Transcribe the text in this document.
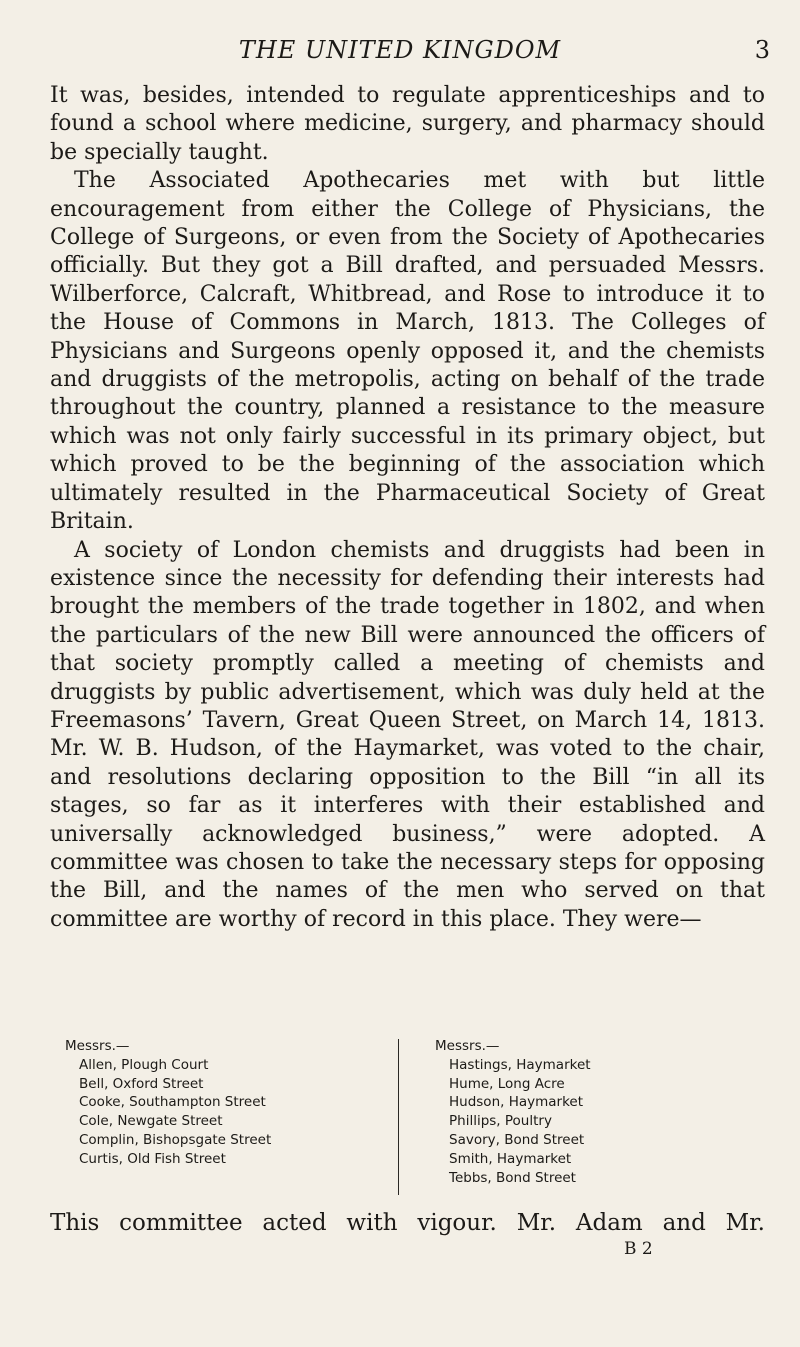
THE UNITED KINGDOM	3

It was, besides, intended to regulate apprenticeships and to found a school where medicine, surgery, and pharmacy should be specially taught.

The Associated Apothecaries met with but little encouragement from either the College of Physicians, the College of Surgeons, or even from the Society of Apothecaries officially. But they got a Bill drafted, and persuaded Messrs. Wilberforce, Calcraft, Whitbread, and Rose to introduce it to the House of Commons in March, 1813. The Colleges of Physicians and Surgeons openly opposed it, and the chemists and druggists of the metropolis, acting on behalf of the trade throughout the country, planned a resistance to the measure which was not only fairly successful in its primary object, but which proved to be the beginning of the association which ultimately resulted in the Pharmaceutical Society of Great Britain.

A society of London chemists and druggists had been in existence since the necessity for defending their interests had brought the members of the trade together in 1802, and when the particulars of the new Bill were announced the officers of that society promptly called a meeting of chemists and druggists by public advertisement, which was duly held at the Freemasons’ Tavern, Great Queen Street, on March 14, 1813. Mr. W. B. Hudson, of the Haymarket, was voted to the chair, and resolutions declaring opposition to the Bill “in all its stages, so far as it interferes with their established and universally acknowledged business,” were adopted. A committee was chosen to take the necessary steps for opposing the Bill, and the names of the men who served on that committee are worthy of record in this place. They were—

Messrs.—

Allen, Plough Court

Bell, Oxford Street

Cooke, Southampton Street

Cole, Newgate Street

Complin, Bishopsgate Street

Curtis, Old Fish Street

Messrs.—

Hastings, Haymarket

Hume, Long Acre

Hudson, Haymarket

Phillips, Poultry

Savory, Bond Street

Smith, Haymarket

Tebbs, Bond Street

This committee acted with vigour. Mr. Adam and Mr.
B 2
